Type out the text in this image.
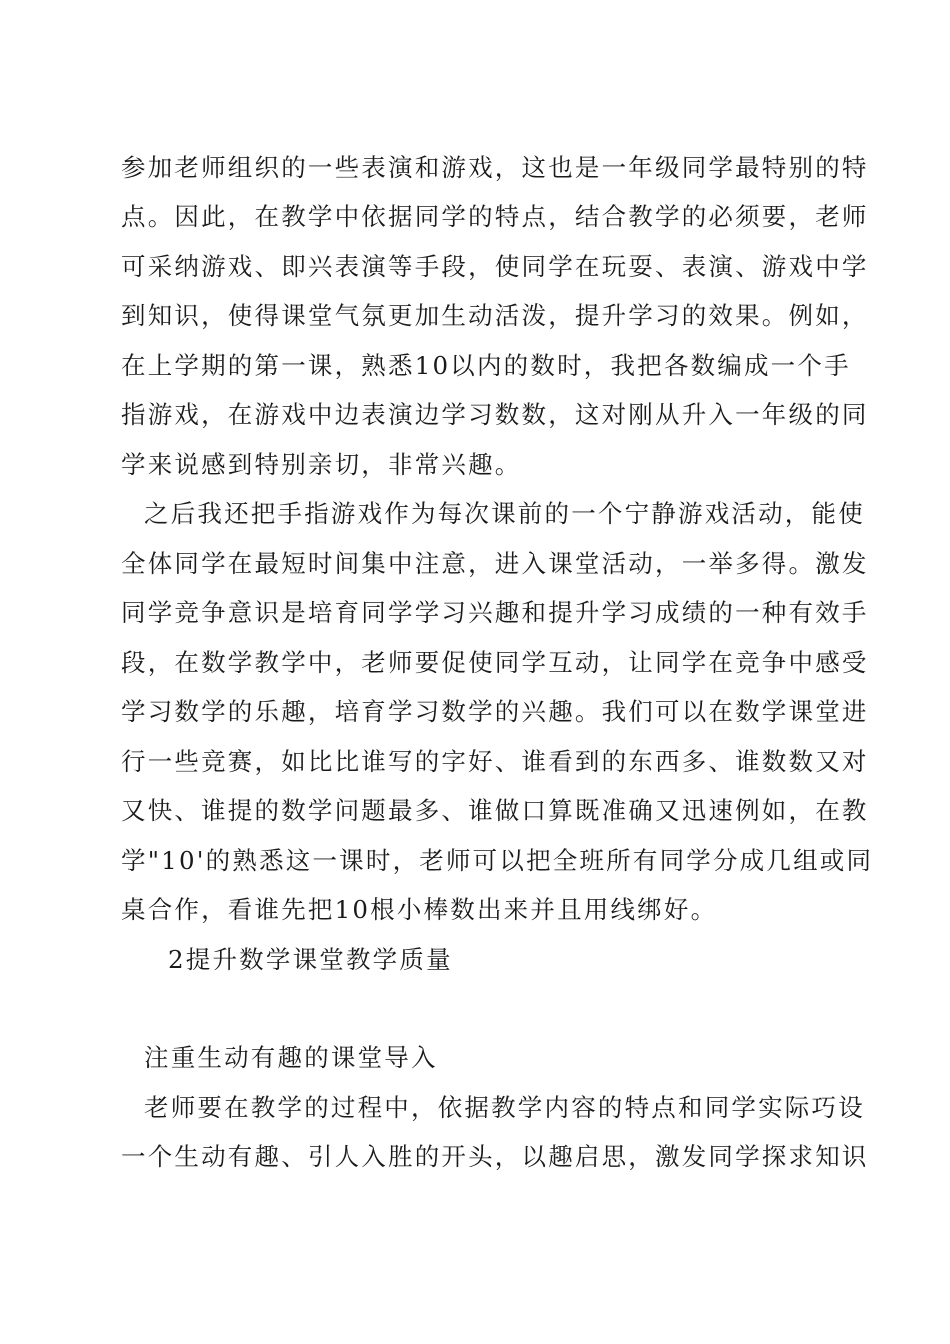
参加老师组织的一些表演和游戏，这也是一年级同学最特别的特
点。因此，在教学中依据同学的特点，结合教学的必须要，老师
可采纳游戏、即兴表演等手段，使同学在玩耍、表演、游戏中学
到知识，使得课堂气氛更加生动活泼，提升学习的效果。例如，
在上学期的第一课，熟悉10以内的数时，我把各数编成一个手
指游戏，在游戏中边表演边学习数数，这对刚从升入一年级的同
学来说感到特别亲切，非常兴趣。
之后我还把手指游戏作为每次课前的一个宁静游戏活动，能使
全体同学在最短时间集中注意，进入课堂活动，一举多得。激发
同学竞争意识是培育同学学习兴趣和提升学习成绩的一种有效手
段，在数学教学中，老师要促使同学互动，让同学在竞争中感受
学习数学的乐趣，培育学习数学的兴趣。我们可以在数学课堂进
行一些竞赛，如比比谁写的字好、谁看到的东西多、谁数数又对
又快、谁提的数学问题最多、谁做口算既准确又迅速例如，在教
学"10'的熟悉这一课时，老师可以把全班所有同学分成几组或同
桌合作，看谁先把10根小棒数出来并且用线绑好。
2提升数学课堂教学质量
注重生动有趣的课堂导入
老师要在教学的过程中，依据教学内容的特点和同学实际巧设
一个生动有趣、引人入胜的开头，以趣启思，激发同学探求知识
